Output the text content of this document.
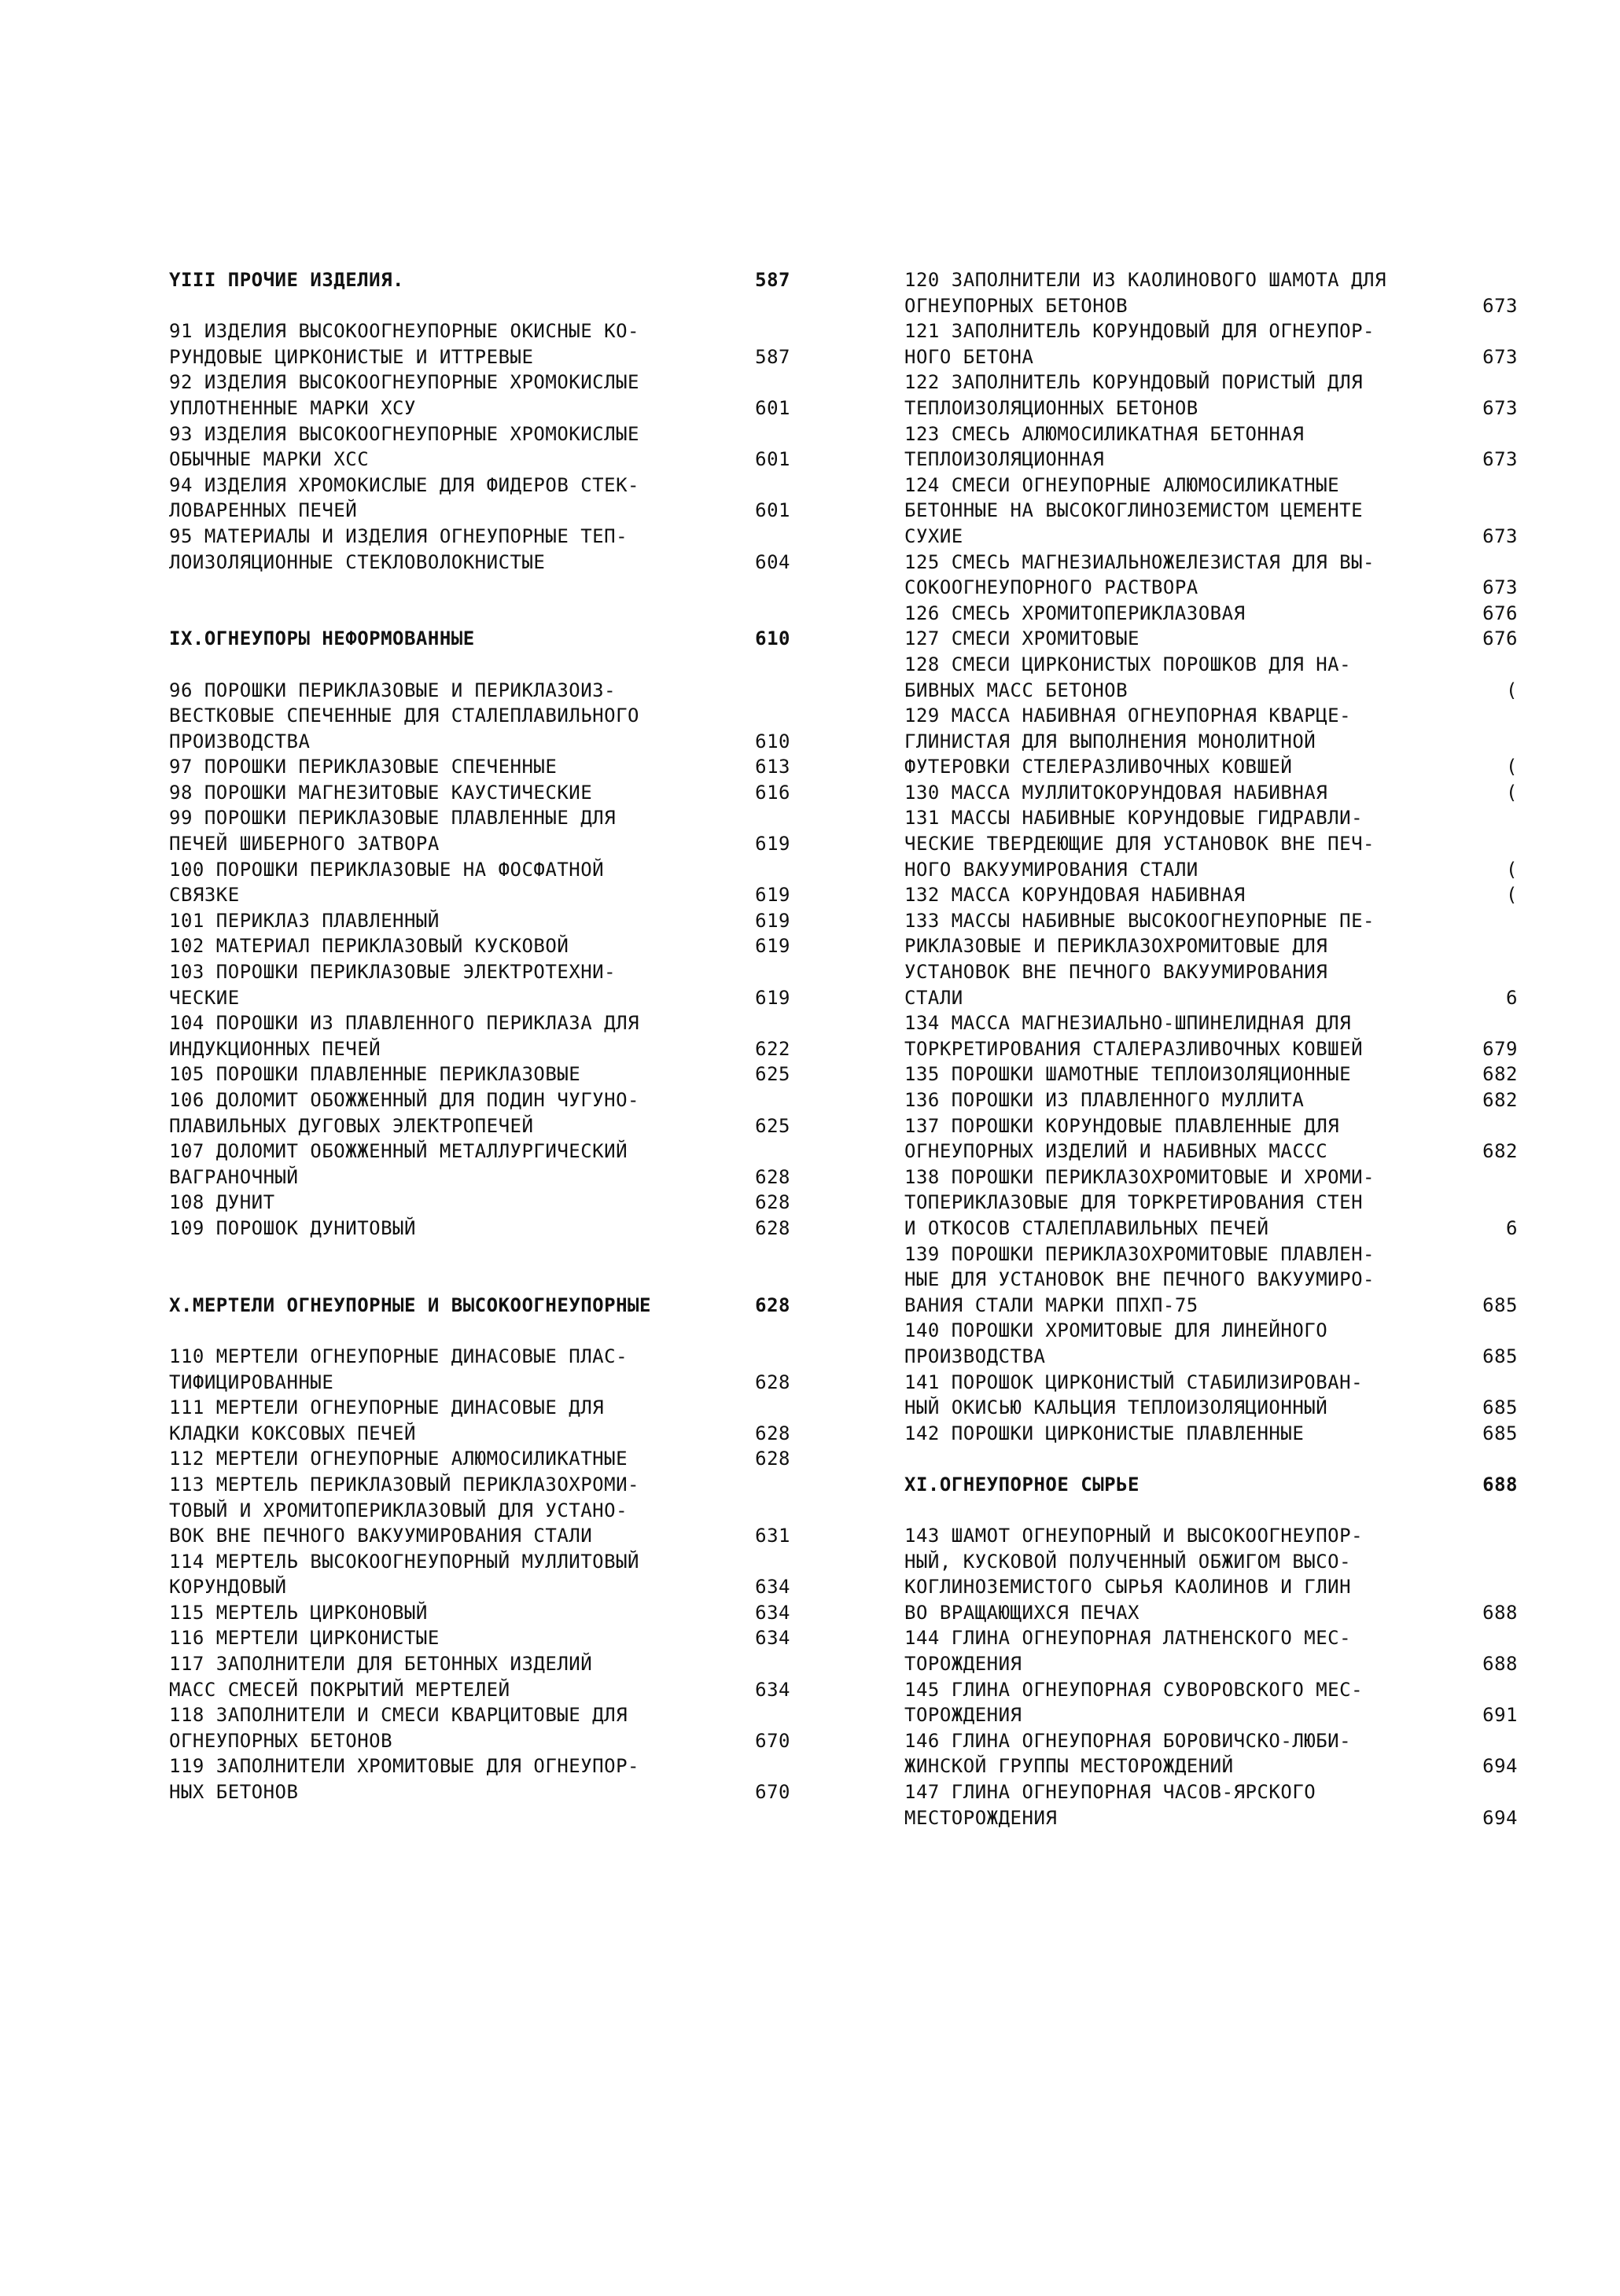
YIII ПРОЧИЕ ИЗДЕЛИЯ.	587
91 ИЗДЕЛИЯ ВЫСОКООГНЕУПОРНЫЕ ОКИСНЫЕ КО-
РУНДОВЫЕ ЦИРКОНИСТЫЕ И ИТТРЕВЫЕ	587
92 ИЗДЕЛИЯ ВЫСОКООГНЕУПОРНЫЕ ХРОМОКИСЛЫЕ
УПЛОТНЕННЫЕ МАРКИ ХСУ	601
93 ИЗДЕЛИЯ ВЫСОКООГНЕУПОРНЫЕ ХРОМОКИСЛЫЕ
ОБЫЧНЫЕ МАРКИ ХСС	601
94 ИЗДЕЛИЯ ХРОМОКИСЛЫЕ ДЛЯ ФИДЕРОВ СТЕК-
ЛОВАРЕННЫХ ПЕЧЕЙ	601
95 МАТЕРИАЛЫ И ИЗДЕЛИЯ ОГНЕУПОРНЫЕ ТЕП-
ЛОИЗОЛЯЦИОННЫЕ СТЕКЛОВОЛОКНИСТЫЕ	604
IX.ОГНЕУПОРЫ НЕФОРМОВАННЫЕ	610
96 ПОРОШКИ ПЕРИКЛАЗОВЫЕ И ПЕРИКЛАЗОИЗ-
ВЕСТКОВЫЕ СПЕЧЕННЫЕ ДЛЯ СТАЛЕПЛАВИЛЬНОГО
ПРОИЗВОДСТВА	610
97 ПОРОШКИ ПЕРИКЛАЗОВЫЕ СПЕЧЕННЫЕ	613
98 ПОРОШКИ МАГНЕЗИТОВЫЕ КАУСТИЧЕСКИЕ	616
99 ПОРОШКИ ПЕРИКЛАЗОВЫЕ ПЛАВЛЕННЫЕ ДЛЯ
ПЕЧЕЙ ШИБЕРНОГО ЗАТВОРА	619
100 ПОРОШКИ ПЕРИКЛАЗОВЫЕ НА ФОСФАТНОЙ
СВЯЗКЕ	619
101 ПЕРИКЛАЗ ПЛАВЛЕННЫЙ	619
102 МАТЕРИАЛ ПЕРИКЛАЗОВЫЙ КУСКОВОЙ	619
103 ПОРОШКИ ПЕРИКЛАЗОВЫЕ ЭЛЕКТРОТЕХНИ-
ЧЕСКИЕ	619
104 ПОРОШКИ ИЗ ПЛАВЛЕННОГО ПЕРИКЛАЗА ДЛЯ
ИНДУКЦИОННЫХ ПЕЧЕЙ	622
105 ПОРОШКИ ПЛАВЛЕННЫЕ ПЕРИКЛАЗОВЫЕ	625
106 ДОЛОМИТ ОБОЖЖЕННЫЙ ДЛЯ ПОДИН ЧУГУНО-
ПЛАВИЛЬНЫХ ДУГОВЫХ ЭЛЕКТРОПЕЧЕЙ	625
107 ДОЛОМИТ ОБОЖЖЕННЫЙ МЕТАЛЛУРГИЧЕСКИЙ
ВАГРАНОЧНЫЙ	628
108 ДУНИТ	628
109 ПОРОШОК ДУНИТОВЫЙ	628
X.МЕРТЕЛИ ОГНЕУПОРНЫЕ И ВЫСОКООГНЕУПОРНЫЕ	628
110 МЕРТЕЛИ ОГНЕУПОРНЫЕ ДИНАСОВЫЕ ПЛАС-
ТИФИЦИРОВАННЫЕ	628
111 МЕРТЕЛИ ОГНЕУПОРНЫЕ ДИНАСОВЫЕ ДЛЯ
КЛАДКИ КОКСОВЫХ ПЕЧЕЙ	628
112 МЕРТЕЛИ ОГНЕУПОРНЫЕ АЛЮМОСИЛИКАТНЫЕ	628
113 МЕРТЕЛЬ ПЕРИКЛАЗОВЫЙ ПЕРИКЛАЗОХРОМИ-
ТОВЫЙ И ХРОМИТОПЕРИКЛАЗОВЫЙ ДЛЯ УСТАНО-
ВОК ВНЕ ПЕЧНОГО ВАКУУМИРОВАНИЯ СТАЛИ	631
114 МЕРТЕЛЬ ВЫСОКООГНЕУПОРНЫЙ МУЛЛИТОВЫЙ
КОРУНДОВЫЙ	634
115 МЕРТЕЛЬ ЦИРКОНОВЫЙ	634
116 МЕРТЕЛИ ЦИРКОНИСТЫЕ	634
117 ЗАПОЛНИТЕЛИ ДЛЯ БЕТОННЫХ ИЗДЕЛИЙ
МАСС СМЕСЕЙ ПОКРЫТИЙ МЕРТЕЛЕЙ	634
118 ЗАПОЛНИТЕЛИ И СМЕСИ КВАРЦИТОВЫЕ ДЛЯ
ОГНЕУПОРНЫХ БЕТОНОВ	670
119 ЗАПОЛНИТЕЛИ ХРОМИТОВЫЕ ДЛЯ ОГНЕУПОР-
НЫХ БЕТОНОВ	670
120 ЗАПОЛНИТЕЛИ ИЗ КАОЛИНОВОГО ШАМОТА ДЛЯ
ОГНЕУПОРНЫХ БЕТОНОВ	673
121 ЗАПОЛНИТЕЛЬ КОРУНДОВЫЙ ДЛЯ ОГНЕУПОР-
НОГО БЕТОНА	673
122 ЗАПОЛНИТЕЛЬ КОРУНДОВЫЙ ПОРИСТЫЙ ДЛЯ
ТЕПЛОИЗОЛЯЦИОННЫХ БЕТОНОВ	673
123 СМЕСЬ АЛЮМОСИЛИКАТНАЯ БЕТОННАЯ
ТЕПЛОИЗОЛЯЦИОННАЯ	673
124 СМЕСИ ОГНЕУПОРНЫЕ АЛЮМОСИЛИКАТНЫЕ
БЕТОННЫЕ НА ВЫСОКОГЛИНОЗЕМИСТОМ ЦЕМЕНТЕ
СУХИЕ	673
125 СМЕСЬ МАГНЕЗИАЛЬНОЖЕЛЕЗИСТАЯ ДЛЯ ВЫ-
СОКООГНЕУПОРНОГО РАСТВОРА	673
126 СМЕСЬ ХРОМИТОПЕРИКЛАЗОВАЯ	676
127 СМЕСИ ХРОМИТОВЫЕ	676
128 СМЕСИ ЦИРКОНИСТЫХ ПОРОШКОВ ДЛЯ НА-
БИВНЫХ МАСС БЕТОНОВ	(
129 МАССА НАБИВНАЯ ОГНЕУПОРНАЯ КВАРЦЕ-
ГЛИНИСТАЯ ДЛЯ ВЫПОЛНЕНИЯ МОНОЛИТНОЙ
ФУТЕРОВКИ СТЕЛЕРАЗЛИВОЧНЫХ КОВШЕЙ	(
130 МАССА МУЛЛИТОКОРУНДОВАЯ НАБИВНАЯ	(
131 МАССЫ НАБИВНЫЕ КОРУНДОВЫЕ ГИДРАВЛИ-
ЧЕСКИЕ ТВЕРДЕЮЩИЕ ДЛЯ УСТАНОВОК ВНЕ ПЕЧ-
НОГО ВАКУУМИРОВАНИЯ СТАЛИ	(
132 МАССА КОРУНДОВАЯ НАБИВНАЯ	(
133 МАССЫ НАБИВНЫЕ ВЫСОКООГНЕУПОРНЫЕ ПЕ-
РИКЛАЗОВЫЕ И ПЕРИКЛАЗОХРОМИТОВЫЕ ДЛЯ
УСТАНОВОК ВНЕ ПЕЧНОГО ВАКУУМИРОВАНИЯ
СТАЛИ	6
134 МАССА МАГНЕЗИАЛЬНО-ШПИНЕЛИДНАЯ ДЛЯ
ТОРКРЕТИРОВАНИЯ СТАЛЕРАЗЛИВОЧНЫХ КОВШЕЙ	679
135 ПОРОШКИ ШАМОТНЫЕ ТЕПЛОИЗОЛЯЦИОННЫЕ	682
136 ПОРОШКИ ИЗ ПЛАВЛЕННОГО МУЛЛИТА	682
137 ПОРОШКИ КОРУНДОВЫЕ ПЛАВЛЕННЫЕ ДЛЯ
ОГНЕУПОРНЫХ ИЗДЕЛИЙ И НАБИВНЫХ МАССС	682
138 ПОРОШКИ ПЕРИКЛАЗОХРОМИТОВЫЕ И ХРОМИ-
ТОПЕРИКЛАЗОВЫЕ ДЛЯ ТОРКРЕТИРОВАНИЯ СТЕН
И ОТКОСОВ СТАЛЕПЛАВИЛЬНЫХ ПЕЧЕЙ	6
139 ПОРОШКИ ПЕРИКЛАЗОХРОМИТОВЫЕ ПЛАВЛЕН-
НЫЕ ДЛЯ УСТАНОВОК ВНЕ ПЕЧНОГО ВАКУУМИРО-
ВАНИЯ СТАЛИ МАРКИ ППХП-75	685
140 ПОРОШКИ ХРОМИТОВЫЕ ДЛЯ ЛИНЕЙНОГО
ПРОИЗВОДСТВА	685
141 ПОРОШОК ЦИРКОНИСТЫЙ СТАБИЛИЗИРОВАН-
НЫЙ ОКИСЬЮ КАЛЬЦИЯ ТЕПЛОИЗОЛЯЦИОННЫЙ	685
142 ПОРОШКИ ЦИРКОНИСТЫЕ ПЛАВЛЕННЫЕ	685
XI.ОГНЕУПОРНОЕ СЫРЬЕ	688
143 ШАМОТ ОГНЕУПОРНЫЙ И ВЫСОКООГНЕУПОР-
НЫЙ, КУСКОВОЙ ПОЛУЧЕННЫЙ ОБЖИГОМ ВЫСО-
КОГЛИНОЗЕМИСТОГО СЫРЬЯ КАОЛИНОВ И ГЛИН
ВО ВРАЩАЮЩИХСЯ ПЕЧАХ	688
144 ГЛИНА ОГНЕУПОРНАЯ ЛАТНЕНСКОГО МЕС-
ТОРОЖДЕНИЯ	688
145 ГЛИНА ОГНЕУПОРНАЯ СУВОРОВСКОГО МЕС-
ТОРОЖДЕНИЯ	691
146 ГЛИНА ОГНЕУПОРНАЯ БОРОВИЧСКО-ЛЮБИ-
ЖИНСКОЙ ГРУППЫ МЕСТОРОЖДЕНИЙ	694
147 ГЛИНА ОГНЕУПОРНАЯ ЧАСОВ-ЯРСКОГО
МЕСТОРОЖДЕНИЯ	694
